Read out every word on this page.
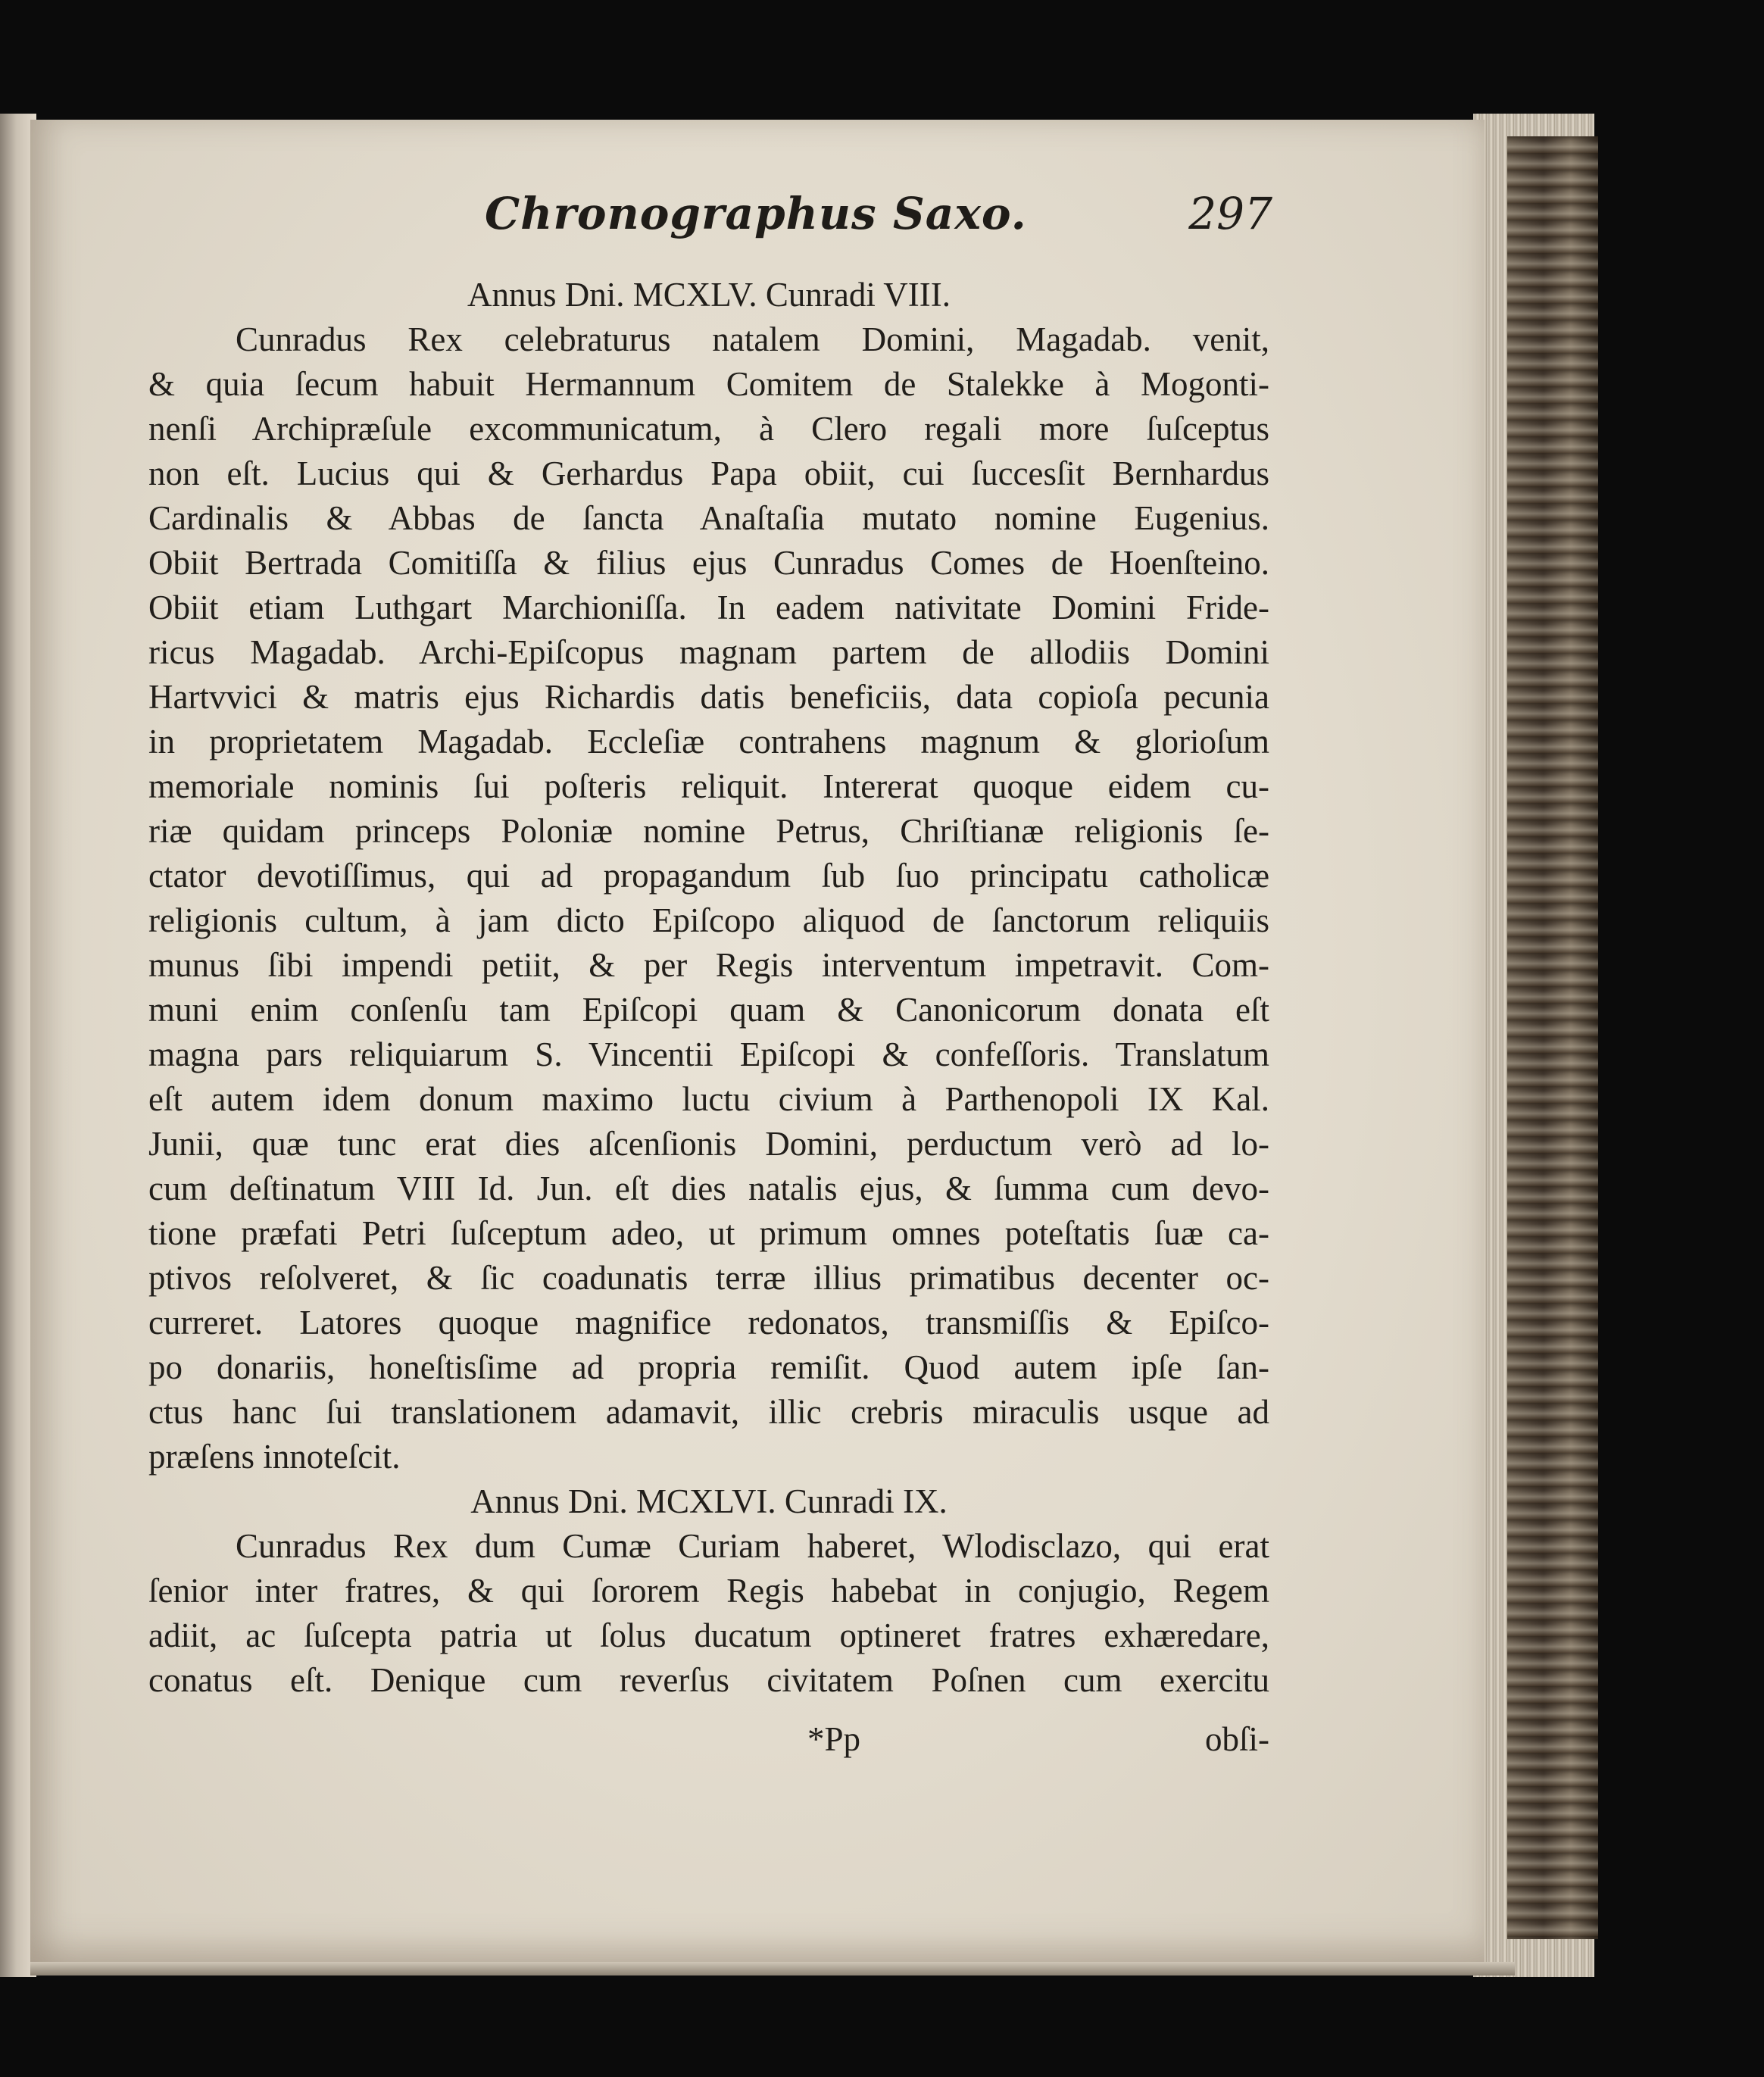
Chronographus Saxo.	297
Annus Dni. MCXLV. Cunradi VIII.
Cunradus Rex celebraturus natalem Domini, Magadab. venit,
& quia ſecum habuit Hermannum Comitem de Stalekke à Mogonti-
nenſi Archipræſule excommunicatum, à Clero regali more ſuſceptus
non eſt. Lucius qui & Gerhardus Papa obiit, cui ſuccesſit Bernhardus
Cardinalis & Abbas de ſancta Anaſtaſia mutato nomine Eugenius.
Obiit Bertrada Comitiſſa & filius ejus Cunradus Comes de Hoenſteino.
Obiit etiam Luthgart Marchioniſſa. In eadem nativitate Domini Fride-
ricus Magadab. Archi-Epiſcopus magnam partem de allodiis Domini
Hartvvici & matris ejus Richardis datis beneficiis, data copioſa pecunia
in proprietatem Magadab. Eccleſiæ contrahens magnum & glorioſum
memoriale nominis ſui poſteris reliquit. Intererat quoque eidem cu-
riæ quidam princeps Poloniæ nomine Petrus, Chriſtianæ religionis ſe-
ctator devotiſſimus, qui ad propagandum ſub ſuo principatu catholicæ
religionis cultum, à jam dicto Epiſcopo aliquod de ſanctorum reliquiis
munus ſibi impendi petiit, & per Regis interventum impetravit. Com-
muni enim conſenſu tam Epiſcopi quam & Canonicorum donata eſt
magna pars reliquiarum S. Vincentii Epiſcopi & confeſſoris. Translatum
eſt autem idem donum maximo luctu civium à Parthenopoli IX Kal.
Junii, quæ tunc erat dies aſcenſionis Domini, perductum verò ad lo-
cum deſtinatum VIII Id. Jun. eſt dies natalis ejus, & ſumma cum devo-
tione præfati Petri ſuſceptum adeo, ut primum omnes poteſtatis ſuæ ca-
ptivos reſolveret, & ſic coadunatis terræ illius primatibus decenter oc-
curreret. Latores quoque magnifice redonatos, transmiſſis & Epiſco-
po donariis, honeſtisſime ad propria remiſit. Quod autem ipſe ſan-
ctus hanc ſui translationem adamavit, illic crebris miraculis usque ad
præſens innoteſcit.
Annus Dni. MCXLVI. Cunradi IX.
Cunradus Rex dum Cumæ Curiam haberet, Wlodisclazo, qui erat
ſenior inter fratres, & qui ſororem Regis habebat in conjugio, Regem
adiit, ac ſuſcepta patria ut ſolus ducatum optineret fratres exhæredare,
conatus eſt. Denique cum reverſus civitatem Poſnen cum exercitu
*Pp	obſi-
